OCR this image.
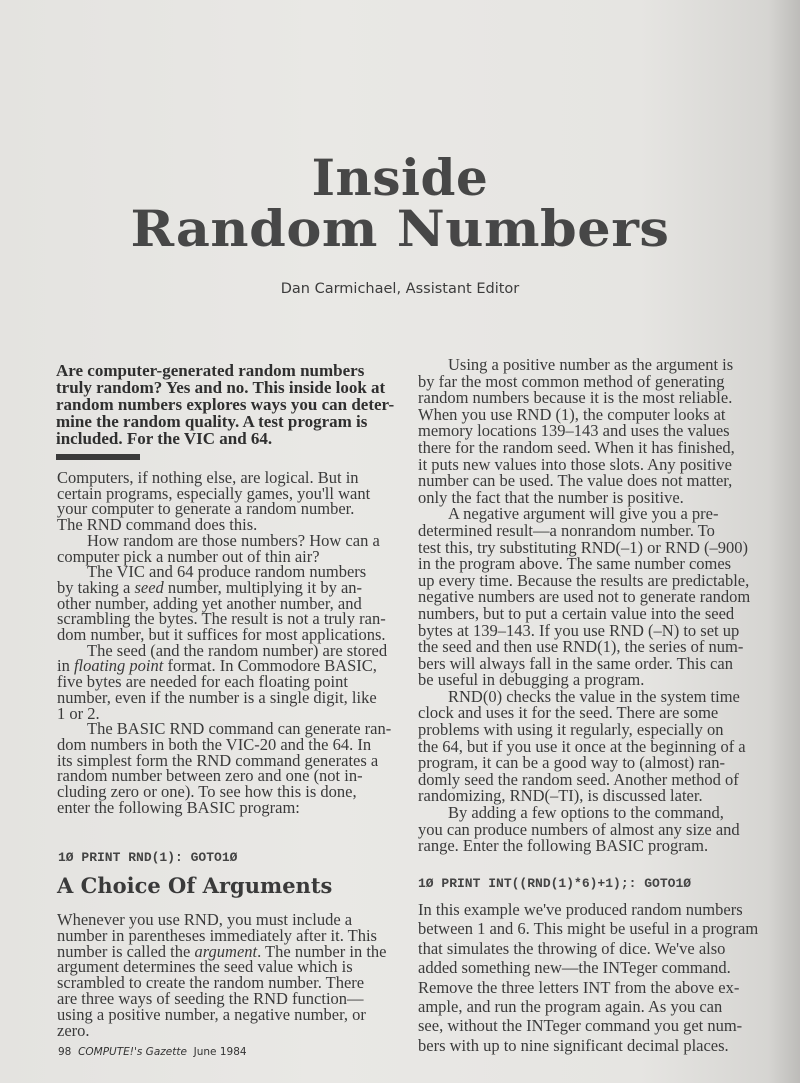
Inside
Random Numbers
Dan Carmichael, Assistant Editor
Are computer-generated random numbers
truly random? Yes and no. This inside look at
random numbers explores ways you can deter-
mine the random quality. A test program is
included. For the VIC and 64.
Computers, if nothing else, are logical. But in
certain programs, especially games, you'll want
your computer to generate a random number.
The RND command does this.
How random are those numbers? How can a
computer pick a number out of thin air?
The VIC and 64 produce random numbers
by taking a seed number, multiplying it by an-
other number, adding yet another number, and
scrambling the bytes. The result is not a truly ran-
dom number, but it suffices for most applications.
The seed (and the random number) are stored
in floating point format. In Commodore BASIC,
five bytes are needed for each floating point
number, even if the number is a single digit, like
1 or 2.
The BASIC RND command can generate ran-
dom numbers in both the VIC-20 and the 64. In
its simplest form the RND command generates a
random number between zero and one (not in-
cluding zero or one). To see how this is done,
enter the following BASIC program:
1Ø PRINT RND(1): GOTO1Ø
A Choice Of Arguments
Whenever you use RND, you must include a
number in parentheses immediately after it. This
number is called the argument. The number in the
argument determines the seed value which is
scrambled to create the random number. There
are three ways of seeding the RND function—
using a positive number, a negative number, or
zero.
Using a positive number as the argument is
by far the most common method of generating
random numbers because it is the most reliable.
When you use RND (1), the computer looks at
memory locations 139–143 and uses the values
there for the random seed. When it has finished,
it puts new values into those slots. Any positive
number can be used. The value does not matter,
only the fact that the number is positive.
A negative argument will give you a pre-
determined result—a nonrandom number. To
test this, try substituting RND(–1) or RND (–900)
in the program above. The same number comes
up every time. Because the results are predictable,
negative numbers are used not to generate random
numbers, but to put a certain value into the seed
bytes at 139–143. If you use RND (–N) to set up
the seed and then use RND(1), the series of num-
bers will always fall in the same order. This can
be useful in debugging a program.
RND(0) checks the value in the system time
clock and uses it for the seed. There are some
problems with using it regularly, especially on
the 64, but if you use it once at the beginning of a
program, it can be a good way to (almost) ran-
domly seed the random seed. Another method of
randomizing, RND(–TI), is discussed later.
By adding a few options to the command,
you can produce numbers of almost any size and
range. Enter the following BASIC program.
1Ø PRINT INT((RND(1)*6)+1);: GOTO1Ø
In this example we've produced random numbers
between 1 and 6. This might be useful in a program
that simulates the throwing of dice. We've also
added something new—the INTeger command.
Remove the three letters INT from the above ex-
ample, and run the program again. As you can
see, without the INTeger command you get num-
bers with up to nine significant decimal places.
98 COMPUTE!'s Gazette June 1984
